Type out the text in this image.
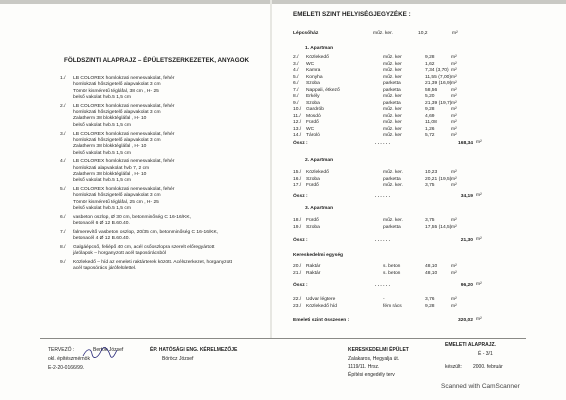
FÖLDSZINTI ALAPRAJZ – ÉPÜLETSZERKEZETEK, ANYAGOK
1./	LB COLOREX homlokzati nemesvakolat, fehér
homlokzati hőszigetelő alapvakolat 3 cm
Tömör kisméretű tégláfal, 38 cm , H- 25
belső vakolat hvb.5 1,5 cm
2./	LB COLOREX homlokzati nemesvakolat, fehér
homlokzati hőszigetelő alapvakolat 3 cm
Zalatherm 38 blokktégláfal , H- 10
belső vakolat hvb.5 1,5 cm
3./	LB COLOREX homlokzati nemesvakolat, fehér
homlokzati hőszigetelő alapvakolat 3 cm
Zalatherm 38 blokktégláfal , H- 10
belső vakolat hvb.5 1,5 cm
4./	LB COLOREX homlokzati nemesvakolat, fehér
homlokzati alapvakolat hvb 7, 2 cm
Zalatherm 38 blokktégláfal , H- 10
belső vakolat hvb.5 1,5 cm
5./	LB COLOREX homlokzati nemesvakolat, fehér
homlokzati hőszigetelő alapvakolat 3 cm
Tömör kisméretű tégláfal, 25 cm , H- 25
belső vakolat hvb.5 1,5 cm
6./	vasbeton oszlop, Ø 30 cm, betonminőség C 16-16/KK,
betonacél 6 Ø 12 B.60.40.
7./	falmerevítő vasbeton oszlop, 20/35 cm, betonminőség C 16-16/KK,
betonacél 4 Ø 12 B.60.40.
8./	Galgáépcső, feliépő 40 cm, acél csőoszlopra szerelt előregyártott
járólapok – horganyzott acél taposórácsból
9./	Közlekedő – híd az emeleti raktárterek között. Acélszerkezet, horganyzott
acél taposórács járófelülettel.
EMELETI SZINT HELYISÉGJEGYZÉKE :
Lépcsőház	műz. ker.	10,2	m²
1. Apartman
2./ Közlekedő	műz. ker	9,28	m²
3./ WC	műz. ker	1,62	m²
4./ Kamra	műz. ker	7,34 (3,70) m²
5./ Konyha	műz. ker	11,55 (7,00) m²
6./ Szoba	parketta	21,39 (16,9) m²
7./ Nappali, étkező	parketta	58,56	m²
8./ Erkély	műz. ker	5,20	m²
9./ Szoba	parketta	21,39 (19,7) m²
10./ Gardrób	műz. ker	9,28	m²
11./ Mosdó	műz. ker	4,69	m²
12./ Fürdő	műz. ker	11,08	m²
13./ WC	műz. ker	1,26	m²
14./ Tároló	műz. ker	5,72	m²
Össz :	. . . . . .	168,34 m²
2. Apartman
15./ Közlekedő	műz. ker.	10,23	m²
16./ Szoba	parketta	20,21 (19,5) m²
17./ Fürdő	műz. ker.	3,75	m²
Össz :	. . . . . .	34,19 m²
3. Apartman
18./ Fürdő	műz. ker.	3,75	m²
19./ Szoba	parketta	17,55 (14,5) m²
Össz :	. . . . . .	21,30 m²
Kereskedelmi egység
20./ Raktár	s. beton	48,10	m²
21./ Raktár	s. beton	48,10	m²
Össz :	. . . . . .	96,20 m²
22./ Udvar légtere	-	3,76	m²
23./ Közlekedő híd	fém rács	9,28	m²
Emeleti szint összesen :	320,02 m²
TERVEZŐ :	Bertók József
okl. építészmérnök
E-2-20-0166/99.
ÉP. HATÓSÁGI ENG. KÉRELMEZŐJE
Böröcz József
KERESKEDELMI ÉPÜLET
Zalakaros, Hegyalja út.
1119/11. Hrsz.
Építési engedély terv
EMELETI ALAPRAJZ.
É - 3/1
készült: 2000. február
Scanned with CamScanner
